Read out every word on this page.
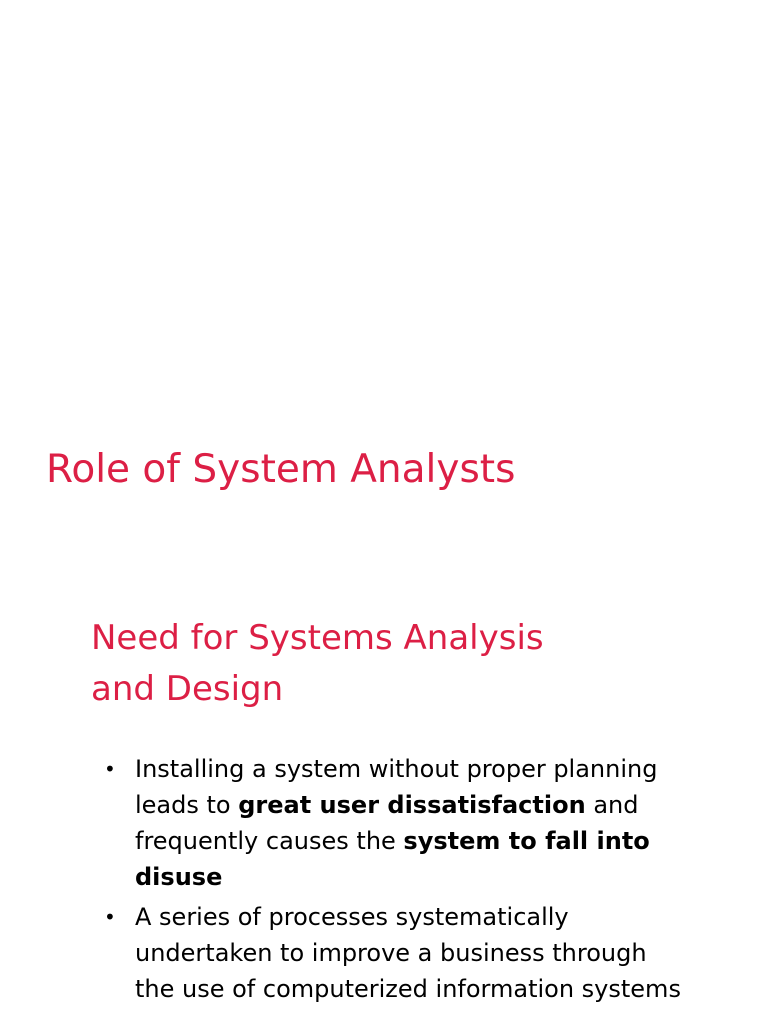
Role of System Analysts
Need for Systems Analysis
and Design
• Installing a system without proper planning
leads to great user dissatisfaction and
frequently causes the system to fall into
disuse
• A series of processes systematically
undertaken to improve a business through
the use of computerized information systems
